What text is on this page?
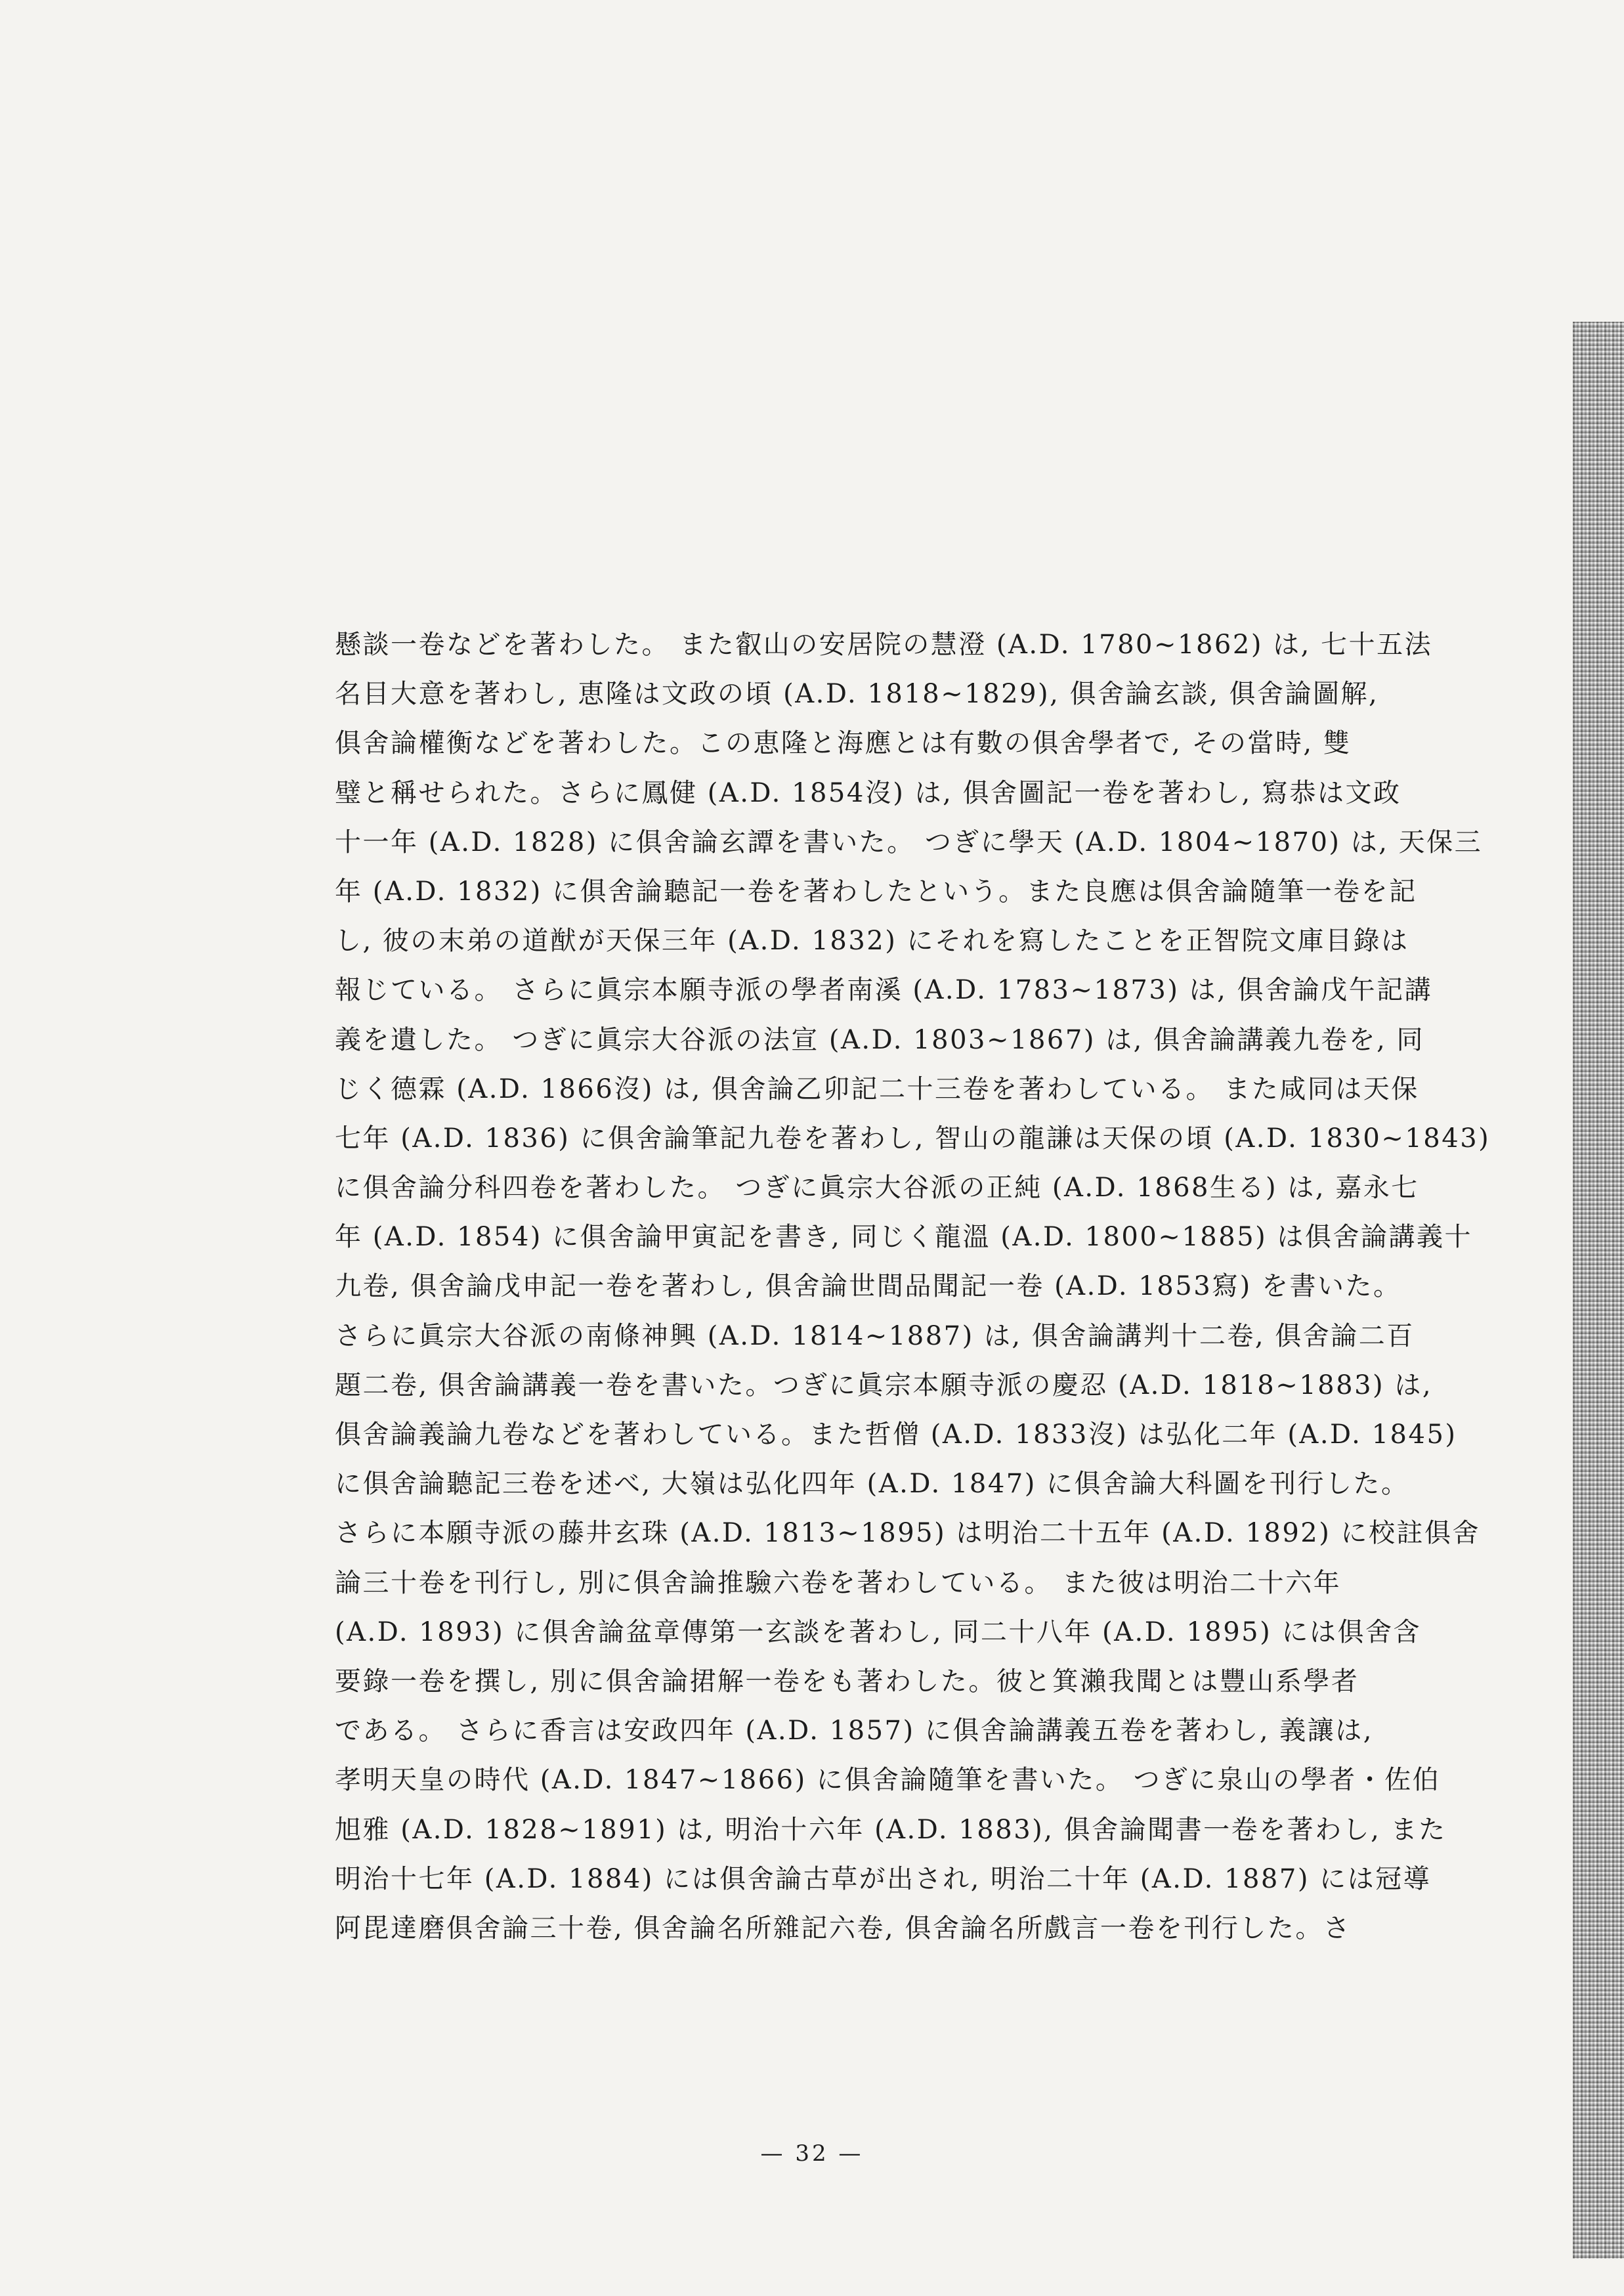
懸談一卷などを著わした。 また叡山の安居院の慧澄 (A.D. 1780~1862) は, 七十五法
名目大意を著わし, 恵隆は文政の頃 (A.D. 1818~1829), 俱舍論玄談, 俱舍論圖解,
俱舍論權衡などを著わした。この恵隆と海應とは有數の俱舍學者で, その當時, 雙
璧と稱せられた。さらに鳳健 (A.D. 1854沒) は, 俱舍圖記一卷を著わし, 寫恭は文政
十一年 (A.D. 1828) に俱舍論玄譚を書いた。 つぎに學天 (A.D. 1804~1870) は, 天保三
年 (A.D. 1832) に俱舍論聽記一卷を著わしたという。また良應は俱舍論隨筆一卷を記
し, 彼の末弟の道猷が天保三年 (A.D. 1832) にそれを寫したことを正智院文庫目錄は
報じている。 さらに眞宗本願寺派の學者南溪 (A.D. 1783~1873) は, 俱舍論戊午記講
義を遺した。 つぎに眞宗大谷派の法宣 (A.D. 1803~1867) は, 俱舍論講義九卷を, 同
じく德霖 (A.D. 1866沒) は, 俱舍論乙卯記二十三卷を著わしている。 また咸同は天保
七年 (A.D. 1836) に俱舍論筆記九卷を著わし, 智山の龍謙は天保の頃 (A.D. 1830~1843)
に俱舍論分科四卷を著わした。 つぎに眞宗大谷派の正純 (A.D. 1868生る) は, 嘉永七
年 (A.D. 1854) に俱舍論甲寅記を書き, 同じく龍溫 (A.D. 1800~1885) は俱舍論講義十
九卷, 俱舍論戊申記一卷を著わし, 俱舍論世間品聞記一卷 (A.D. 1853寫) を書いた。
さらに眞宗大谷派の南條神興 (A.D. 1814~1887) は, 俱舍論講判十二卷, 俱舍論二百
題二卷, 俱舍論講義一卷を書いた。つぎに眞宗本願寺派の慶忍 (A.D. 1818~1883) は,
俱舍論義論九卷などを著わしている。また哲僧 (A.D. 1833沒) は弘化二年 (A.D. 1845)
に俱舍論聽記三卷を述べ, 大嶺は弘化四年 (A.D. 1847) に俱舍論大科圖を刊行した。
さらに本願寺派の藤井玄珠 (A.D. 1813~1895) は明治二十五年 (A.D. 1892) に校註俱舍
論三十卷を刊行し, 別に俱舍論推驗六卷を著わしている。 また彼は明治二十六年
(A.D. 1893) に俱舍論盆章傳第一玄談を著わし, 同二十八年 (A.D. 1895) には俱舍含
要錄一卷を撰し, 別に俱舍論捃解一卷をも著わした。彼と箕瀨我聞とは豐山系學者
である。 さらに香言は安政四年 (A.D. 1857) に俱舍論講義五卷を著わし, 義讓は,
孝明天皇の時代 (A.D. 1847~1866) に俱舍論隨筆を書いた。 つぎに泉山の學者・佐伯
旭雅 (A.D. 1828~1891) は, 明治十六年 (A.D. 1883), 俱舍論聞書一卷を著わし, また
明治十七年 (A.D. 1884) には俱舍論古草が出され, 明治二十年 (A.D. 1887) には冠導
阿毘達磨俱舍論三十卷, 俱舍論名所雜記六卷, 俱舍論名所戲言一卷を刊行した。さ
— 32 —
